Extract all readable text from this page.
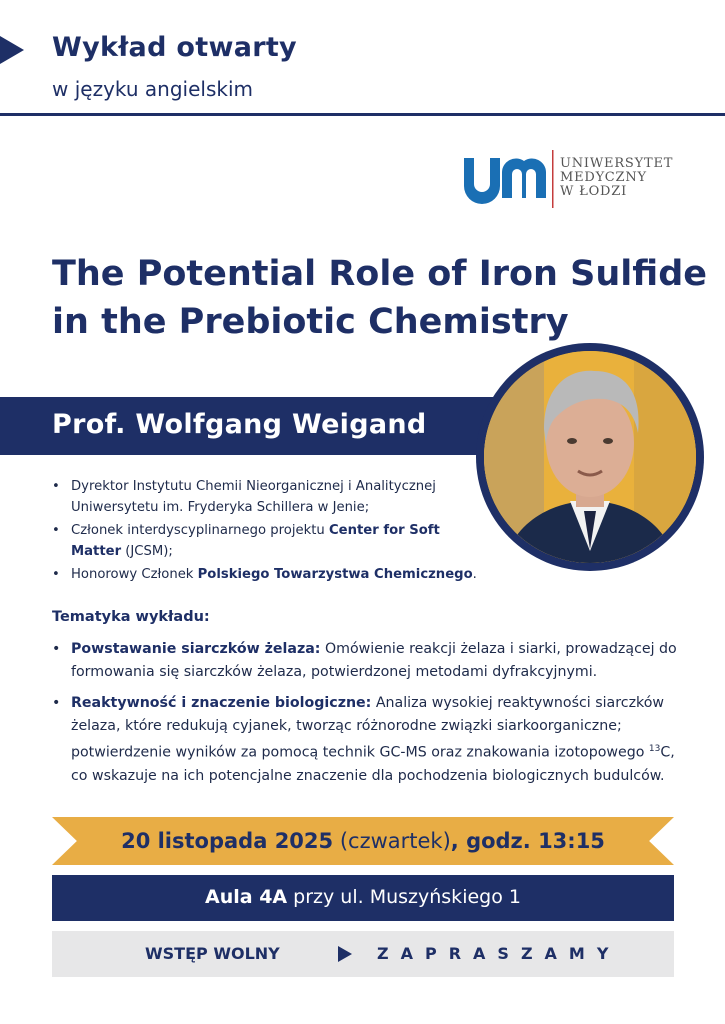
Wykład otwarty
w języku angielskim
UNIWERSYTET
MEDYCZNY
W ŁODZI
The Potential Role of Iron Sulfide
in the Prebiotic Chemistry
Prof. Wolfgang Weigand
• Dyrektor Instytutu Chemii Nieorganicznej i Analitycznej Uniwersytetu im. Fryderyka Schillera w Jenie;
• Członek interdyscyplinarnego projektu Center for Soft Matter (JCSM);
• Honorowy Członek Polskiego Towarzystwa Chemicznego.
Tematyka wykładu:
• Powstawanie siarczków żelaza: Omówienie reakcji żelaza i siarki, prowadzącej do formowania się siarczków żelaza, potwierdzonej metodami dyfrakcyjnymi.
• Reaktywność i znaczenie biologiczne: Analiza wysokiej reaktywności siarczków żelaza, które redukują cyjanek, tworząc różnorodne związki siarkoorganiczne; potwierdzenie wyników za pomocą technik GC-MS oraz znakowania izotopowego $^{13}$C, co wskazuje na ich potencjalne znaczenie dla pochodzenia biologicznych budulców.
20 listopada 2025 (czwartek), godz. 13:15
Aula 4A przy ul. Muszyńskiego 1
WSTĘP WOLNY	ZAPRASZAMY
